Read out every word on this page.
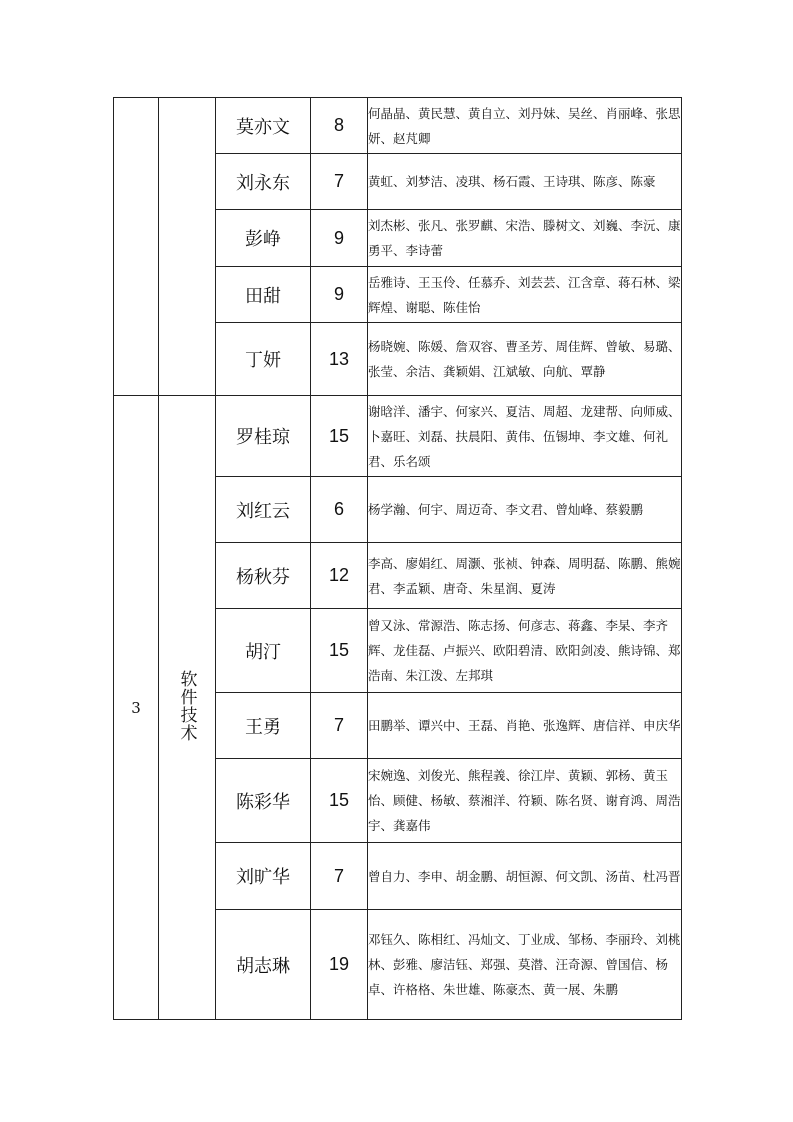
		莫亦文	8	何晶晶、黄民慧、黄自立、刘丹妹、吴丝、肖丽峰、张思妍、赵芃卿
		刘永东	7	黄虹、刘梦洁、凌琪、杨石霞、王诗琪、陈彦、陈豪
		彭峥	9	刘杰彬、张凡、张罗麒、宋浩、滕树文、刘巍、李沅、康勇平、李诗蕾
		田甜	9	岳雅诗、王玉伶、任慕乔、刘芸芸、江含章、蒋石林、梁辉煌、谢聪、陈佳怡
		丁妍	13	杨晓婉、陈媛、詹双容、曹圣芳、周佳辉、曾敏、易璐、张莹、余洁、龚颖娟、江斌敏、向航、覃静
3	软件技术	罗桂琼	15	谢晗洋、潘宇、何家兴、夏洁、周超、龙建帮、向师威、卜嘉旺、刘磊、扶晨阳、黄伟、伍锡坤、李文雄、何礼君、乐名颂
		刘红云	6	杨学瀚、何宇、周迈奇、李文君、曾灿峰、蔡毅鹏
		杨秋芬	12	李高、廖娟红、周灏、张祯、钟森、周明磊、陈鹏、熊婉君、李孟颖、唐奇、朱星润、夏涛
		胡汀	15	曾又泳、常源浩、陈志扬、何彦志、蒋鑫、李杲、李齐辉、龙佳磊、卢振兴、欧阳碧清、欧阳剑凌、熊诗锦、郑浩南、朱江泼、左邦琪
		王勇	7	田鹏举、谭兴中、王磊、肖艳、张逸辉、唐信祥、申庆华
		陈彩华	15	宋婉逸、刘俊光、熊程義、徐江岸、黄颖、郭杨、黄玉怡、顾健、杨敏、蔡湘洋、符颖、陈名贤、谢育鸿、周浩宇、龚嘉伟
		刘旷华	7	曾自力、李申、胡金鹏、胡恒源、何文凯、汤苗、杜冯晋
		胡志琳	19	邓钰久、陈相红、冯灿文、丁业成、邹杨、李丽玲、刘桃林、彭雅、廖洁钰、郑强、莫潜、汪奇源、曾国信、杨卓、许格格、朱世雄、陈豪杰、黄一展、朱鹏
